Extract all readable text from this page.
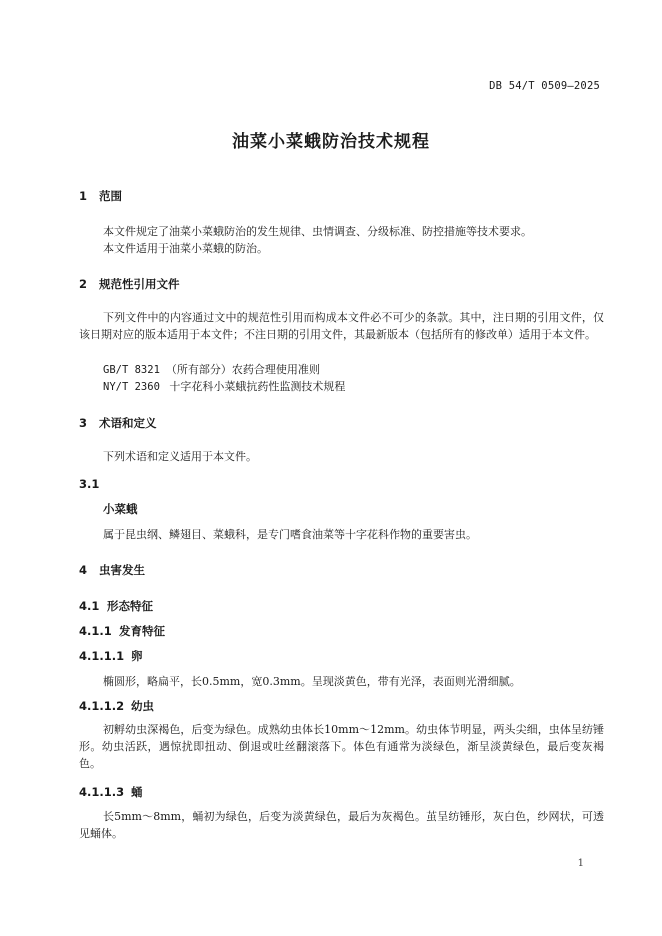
DB 54/T 0509—2025
油菜小菜蛾防治技术规程
1 范围
本文件规定了油菜小菜蛾防治的发生规律、虫情调查、分级标准、防控措施等技术要求。
本文件适用于油菜小菜蛾的防治。
2 规范性引用文件
下列文件中的内容通过文中的规范性引用而构成本文件必不可少的条款。其中，注日期的引用文件，仅该日期对应的版本适用于本文件；不注日期的引用文件，其最新版本（包括所有的修改单）适用于本文件。
GB/T 8321 （所有部分）农药合理使用准则
NY/T 2360 十字花科小菜蛾抗药性监测技术规程
3 术语和定义
下列术语和定义适用于本文件。
3.1
小菜蛾
属于昆虫纲、鳞翅目、菜蛾科，是专门嗜食油菜等十字花科作物的重要害虫。
4 虫害发生
4.1 形态特征
4.1.1 发育特征
4.1.1.1 卵
椭圆形，略扁平，长0.5mm，宽0.3mm。呈现淡黄色，带有光泽，表面则光滑细腻。
4.1.1.2 幼虫
初孵幼虫深褐色，后变为绿色。成熟幼虫体长10mm～12mm。幼虫体节明显，两头尖细，虫体呈纺锤形。幼虫活跃，遇惊扰即扭动、倒退或吐丝翻滚落下。体色有通常为淡绿色，渐呈淡黄绿色，最后变灰褐色。
4.1.1.3 蛹
长5mm～8mm，蛹初为绿色，后变为淡黄绿色，最后为灰褐色。茧呈纺锤形，灰白色，纱网状，可透见蛹体。
1
